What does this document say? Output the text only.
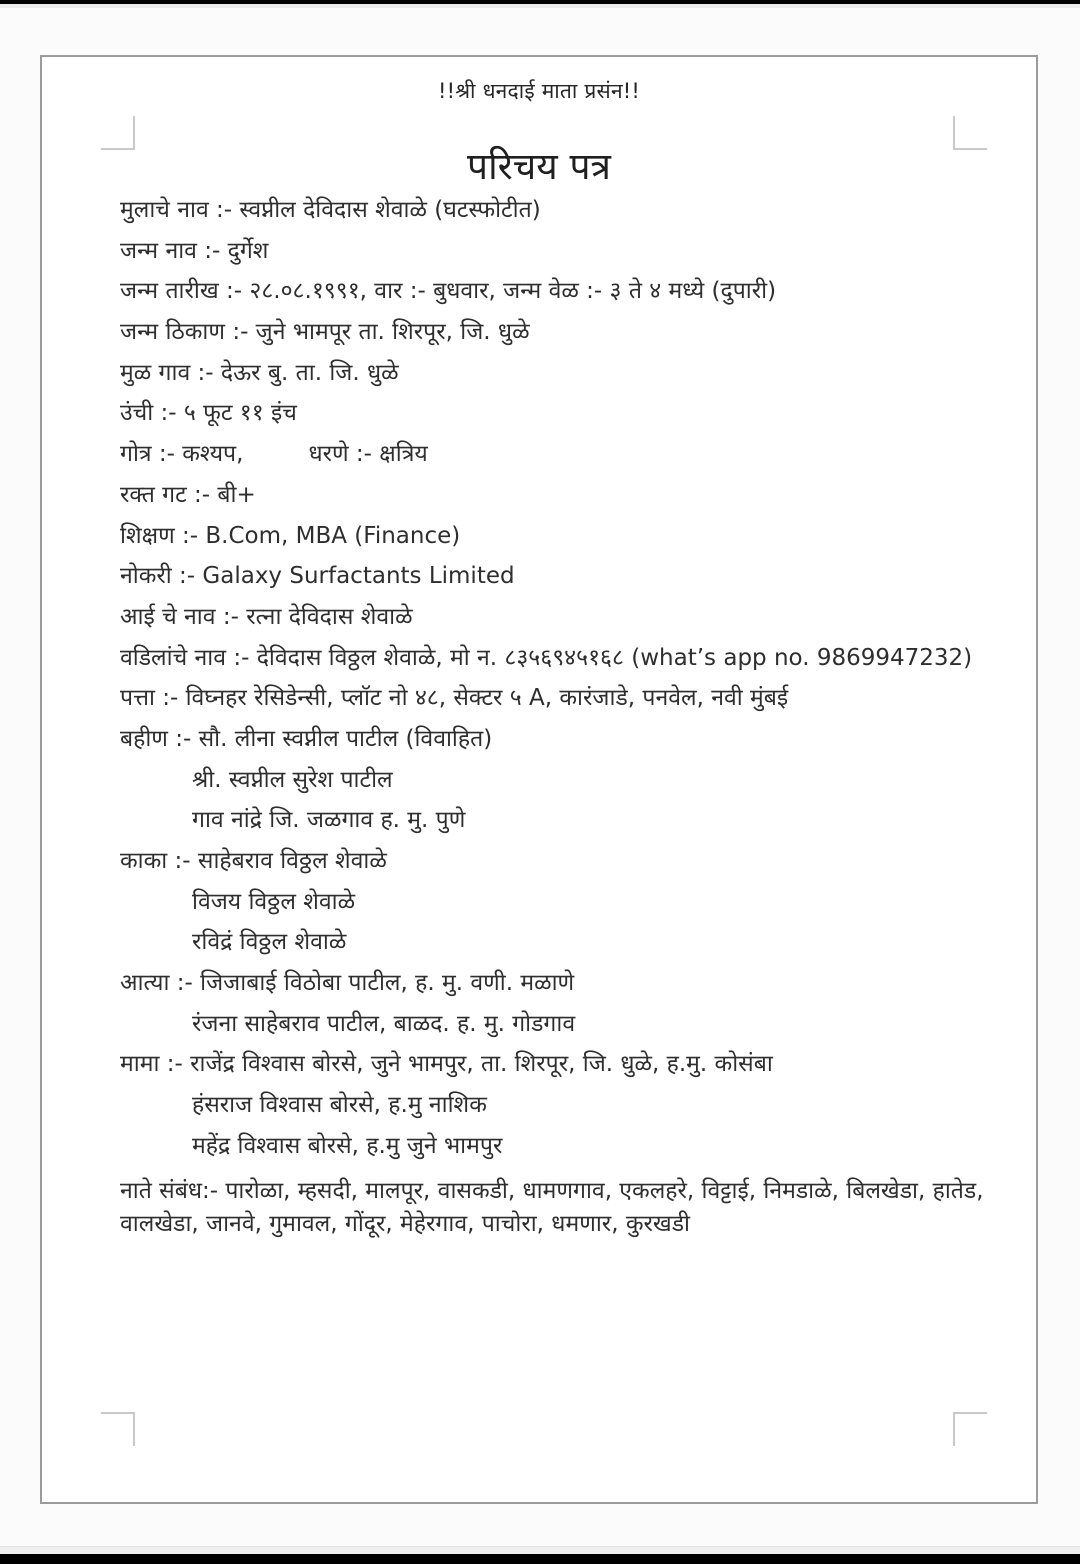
!!श्री धनदाई माता प्रसंन!!
परिचय पत्र
मुलाचे नाव :- स्वप्नील देविदास शेवाळे (घटस्फोटीत)
जन्म नाव :- दुर्गेश
जन्म तारीख :- २८.०८.१९९१, वार :- बुधवार, जन्म वेळ :- ३ ते ४ मध्ये (दुपारी)
जन्म ठिकाण :- जुने भामपूर ता. शिरपूर, जि. धुळे
मुळ गाव :- देऊर बु. ता. जि. धुळे
उंची :- ५ फूट ११ इंच
गोत्र :- कश्यप,	धरणे :- क्षत्रिय
रक्त गट :- बी+
शिक्षण :- B.Com, MBA (Finance)
नोकरी :- Galaxy Surfactants Limited
आई चे नाव :- रत्ना देविदास शेवाळे
वडिलांचे नाव :- देविदास विठ्ठल शेवाळे, मो न. ८३५६९४५१६८ (what’s app no. 9869947232)
पत्ता :- विघ्नहर रेसिडेन्सी, प्लॉट नो ४८, सेक्टर ५ A, कारंजाडे, पनवेल, नवी मुंबई
बहीण :- सौ. लीना स्वप्नील पाटील (विवाहित)
श्री. स्वप्नील सुरेश पाटील
गाव नांद्रे जि. जळगाव ह. मु. पुणे
काका :- साहेबराव विठ्ठल शेवाळे
विजय विठ्ठल शेवाळे
रविद्रं विठ्ठल शेवाळे
आत्या :- जिजाबाई विठोबा पाटील, ह. मु. वणी. मळाणे
रंजना साहेबराव पाटील, बाळद. ह. मु. गोडगाव
मामा :- राजेंद्र विश्वास बोरसे, जुने भामपुर, ता. शिरपूर, जि. धुळे, ह.मु. कोसंबा
हंसराज विश्वास बोरसे, ह.मु नाशिक
महेंद्र विश्वास बोरसे, ह.मु जुने भामपुर
नाते संबंध:- पारोळा, म्हसदी, मालपूर, वासकडी, धामणगाव, एकलहरे, विट्टाई, निमडाळे, बिलखेडा, हातेड, वालखेडा, जानवे, गुमावल, गोंदूर, मेहेरगाव, पाचोरा, धमणार, कुरखडी
